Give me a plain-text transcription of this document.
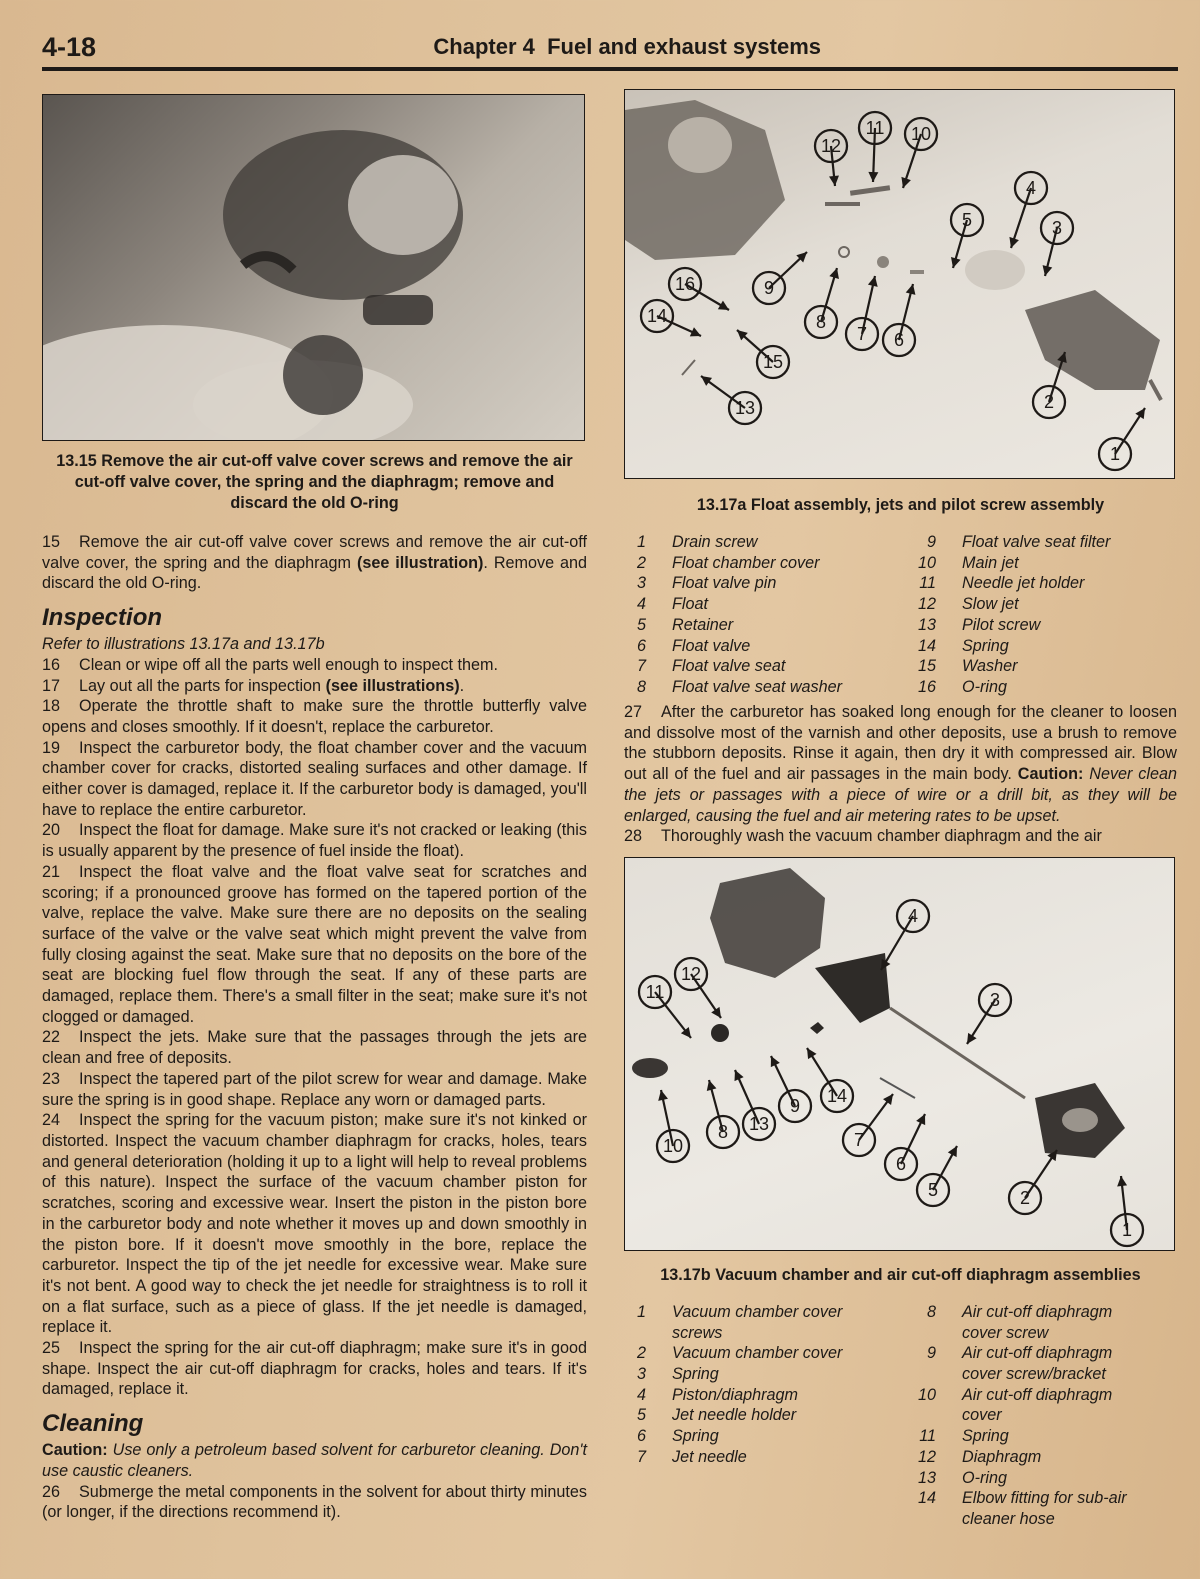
4-18	Chapter 4 Fuel and exhaust systems
13.15 Remove the air cut-off valve cover screws and remove the air cut-off valve cover, the spring and the diaphragm; remove and discard the old O-ring

15 Remove the air cut-off valve cover screws and remove the air cut-off valve cover, the spring and the diaphragm (see illustration). Remove and discard the old O-ring.

Inspection

Refer to illustrations 13.17a and 13.17b

16 Clean or wipe off all the parts well enough to inspect them.

17 Lay out all the parts for inspection (see illustrations).

18 Operate the throttle shaft to make sure the throttle butterfly valve opens and closes smoothly. If it doesn't, replace the carburetor.

19 Inspect the carburetor body, the float chamber cover and the vacuum chamber cover for cracks, distorted sealing surfaces and other damage. If either cover is damaged, replace it. If the carburetor body is damaged, you'll have to replace the entire carburetor.

20 Inspect the float for damage. Make sure it's not cracked or leaking (this is usually apparent by the presence of fuel inside the float).

21 Inspect the float valve and the float valve seat for scratches and scoring; if a pronounced groove has formed on the tapered portion of the valve, replace the valve. Make sure there are no deposits on the sealing surface of the valve or the valve seat which might prevent the valve from fully closing against the seat. Make sure that no deposits on the bore of the seat are blocking fuel flow through the seat. If any of these parts are damaged, replace them. There's a small filter in the seat; make sure it's not clogged or damaged.

22 Inspect the jets. Make sure that the passages through the jets are clean and free of deposits.

23 Inspect the tapered part of the pilot screw for wear and damage. Make sure the spring is in good shape. Replace any worn or damaged parts.

24 Inspect the spring for the vacuum piston; make sure it's not kinked or distorted. Inspect the vacuum chamber diaphragm for cracks, holes, tears and general deterioration (holding it up to a light will help to reveal problems of this nature). Inspect the surface of the vacuum chamber piston for scratches, scoring and excessive wear. Insert the piston in the piston bore in the carburetor body and note whether it moves up and down smoothly in the piston bore. If it doesn't move smoothly in the bore, replace the carburetor. Inspect the tip of the jet needle for excessive wear. Make sure it's not bent. A good way to check the jet needle for straightness is to roll it on a flat surface, such as a piece of glass. If the jet needle is damaged, replace it.

25 Inspect the spring for the air cut-off diaphragm; make sure it's in good shape. Inspect the air cut-off diaphragm for cracks, holes and tears. If it's damaged, replace it.

Cleaning

Caution: Use only a petroleum based solvent for carburetor cleaning. Don't use caustic cleaners.

26 Submerge the metal components in the solvent for about thirty minutes (or longer, if the directions recommend it).

11 10
12
4
3
5
9
8
7 6
16
14
15
13	2
1
13.17a Float assembly, jets and pilot screw assembly
1 Drain screw
2 Float chamber cover
3 Float valve pin
4 Float
5 Retainer
6 Float valve
7 Float valve seat
8 Float valve seat washer
9 Float valve seat filter
10 Main jet
11 Needle jet holder
12 Slow jet
13 Pilot screw
14 Spring
15 Washer
16 O-ring

27 After the carburetor has soaked long enough for the cleaner to loosen and dissolve most of the varnish and other deposits, use a brush to remove the stubborn deposits. Rinse it again, then dry it with compressed air. Blow out all of the fuel and air passages in the main body. Caution: Never clean the jets or passages with a piece of wire or a drill bit, as they will be enlarged, causing the fuel and air metering rates to be upset.

28 Thoroughly wash the vacuum chamber diaphragm and the air

4
3
12
11
14
9
13
8
10	7
6
5	2
1
13.17b Vacuum chamber and air cut-off diaphragm assemblies
1 Vacuum chamber cover screws
2 Vacuum chamber cover
3 Spring
4 Piston/diaphragm
5 Jet needle holder
6 Spring
7 Jet needle
8 Air cut-off diaphragm cover screw
9 Air cut-off diaphragm cover screw/bracket
10 Air cut-off diaphragm cover
11 Spring
12 Diaphragm
13 O-ring
14 Elbow fitting for sub-air cleaner hose
